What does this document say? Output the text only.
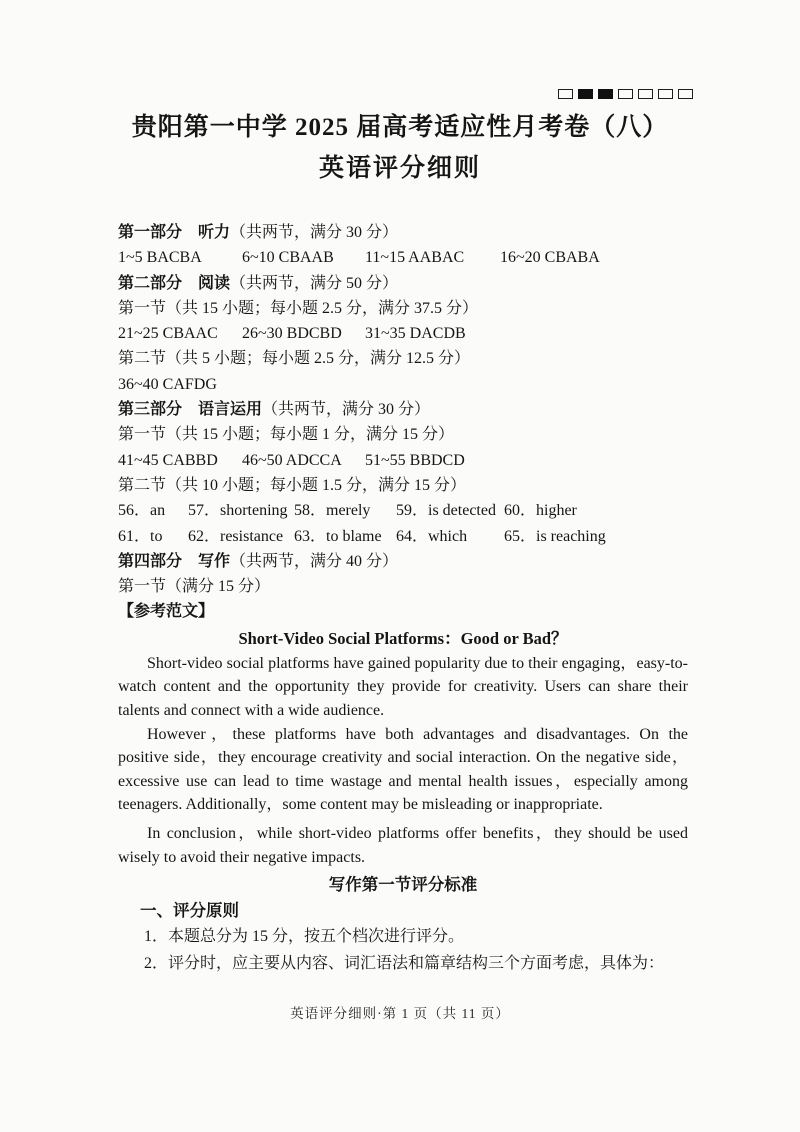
贵阳第一中学 2025 届高考适应性月考卷（八）
英语评分细则
第一部分　听力（共两节，满分 30 分）
1~5 BACBA	6~10 CBAAB	11~15 AABAC	16~20 CBABA
第二部分　阅读（共两节，满分 50 分）
第一节（共 15 小题；每小题 2.5 分，满分 37.5 分）
21~25 CBAAC	26~30 BDCBD	31~35 DACDB
第二节（共 5 小题；每小题 2.5 分，满分 12.5 分）
36~40 CAFDG
第三部分　语言运用（共两节，满分 30 分）
第一节（共 15 小题；每小题 1 分，满分 15 分）
41~45 CABBD	46~50 ADCCA	51~55 BBDCD
第二节（共 10 小题；每小题 1.5 分，满分 15 分）
56．an	57．shortening 58．merely	59．is detected 60．higher
61．to	62．resistance 63．to blame 64．which	65．is reaching
第四部分　写作（共两节，满分 40 分）
第一节（满分 15 分）
【参考范文】
Short-Video Social Platforms：Good or Bad？

Short-video social platforms have gained popularity due to their engaging，easy-to-watch content and the opportunity they provide for creativity. Users can share their talents and connect with a wide audience.

However，these platforms have both advantages and disadvantages. On the positive side，they encourage creativity and social interaction. On the negative side，excessive use can lead to time wastage and mental health issues，especially among teenagers. Additionally，some content may be misleading or inappropriate.

In conclusion，while short-video platforms offer benefits，they should be used wisely to avoid their negative impacts.

写作第一节评分标准
一、评分原则
1．本题总分为 15 分，按五个档次进行评分。
2．评分时，应主要从内容、词汇语法和篇章结构三个方面考虑，具体为：
英语评分细则·第 1 页（共 11 页）
